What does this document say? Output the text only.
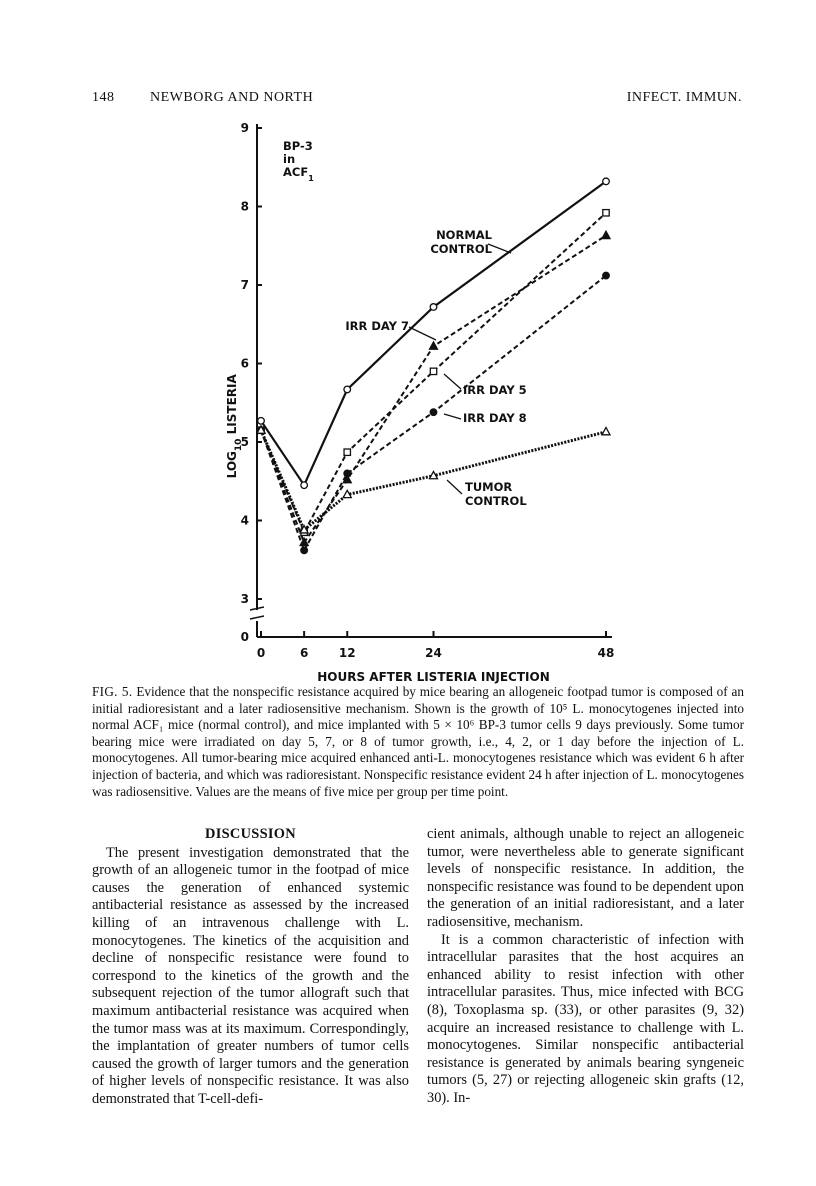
148	NEWBORG AND NORTH	INFECT. IMMUN.
0
3
4
5
6
7
8
9
0	6	12	24	48
HOURS AFTER LISTERIA INJECTION
$LOG_{10}$ LISTERIA
BP-3
in
$ACF_1$
NORMAL
CONTROL
IRR DAY 7
IRR DAY 5
IRR DAY 8
TUMOR
CONTROL

FIG. 5. Evidence that the nonspecific resistance acquired by mice bearing an allogeneic footpad tumor is composed of an initial radioresistant and a later radiosensitive mechanism. Shown is the growth of 10⁵ L. monocytogenes injected into normal ACF₁ mice (normal control), and mice implanted with 5 × 10⁶ BP-3 tumor cells 9 days previously. Some tumor bearing mice were irradiated on day 5, 7, or 8 of tumor growth, i.e., 4, 2, or 1 day before the injection of L. monocytogenes. All tumor-bearing mice acquired enhanced anti-L. monocytogenes resistance which was evident 6 h after injection of bacteria, and which was radioresistant. Nonspecific resistance evident 24 h after injection of L. monocytogenes was radiosensitive. Values are the means of five mice per group per time point.

DISCUSSION

The present investigation demonstrated that the growth of an allogeneic tumor in the footpad of mice causes the generation of enhanced systemic antibacterial resistance as assessed by the increased killing of an intravenous challenge with L. monocytogenes. The kinetics of the acquisition and decline of nonspecific resistance were found to correspond to the kinetics of the growth and the subsequent rejection of the tumor allograft such that maximum antibacterial resistance was acquired when the tumor mass was at its maximum. Correspondingly, the implantation of greater numbers of tumor cells caused the growth of larger tumors and the generation of higher levels of nonspecific resistance. It was also demonstrated that T-cell-defi-

cient animals, although unable to reject an allogeneic tumor, were nevertheless able to generate significant levels of nonspecific resistance. In addition, the nonspecific resistance was found to be dependent upon the generation of an initial radioresistant, and a later radiosensitive, mechanism.

It is a common characteristic of infection with intracellular parasites that the host acquires an enhanced ability to resist infection with other intracellular parasites. Thus, mice infected with BCG (8), Toxoplasma sp. (33), or other parasites (9, 32) acquire an increased resistance to challenge with L. monocytogenes. Similar nonspecific antibacterial resistance is generated by animals bearing syngeneic tumors (5, 27) or rejecting allogeneic skin grafts (12, 30). In-
